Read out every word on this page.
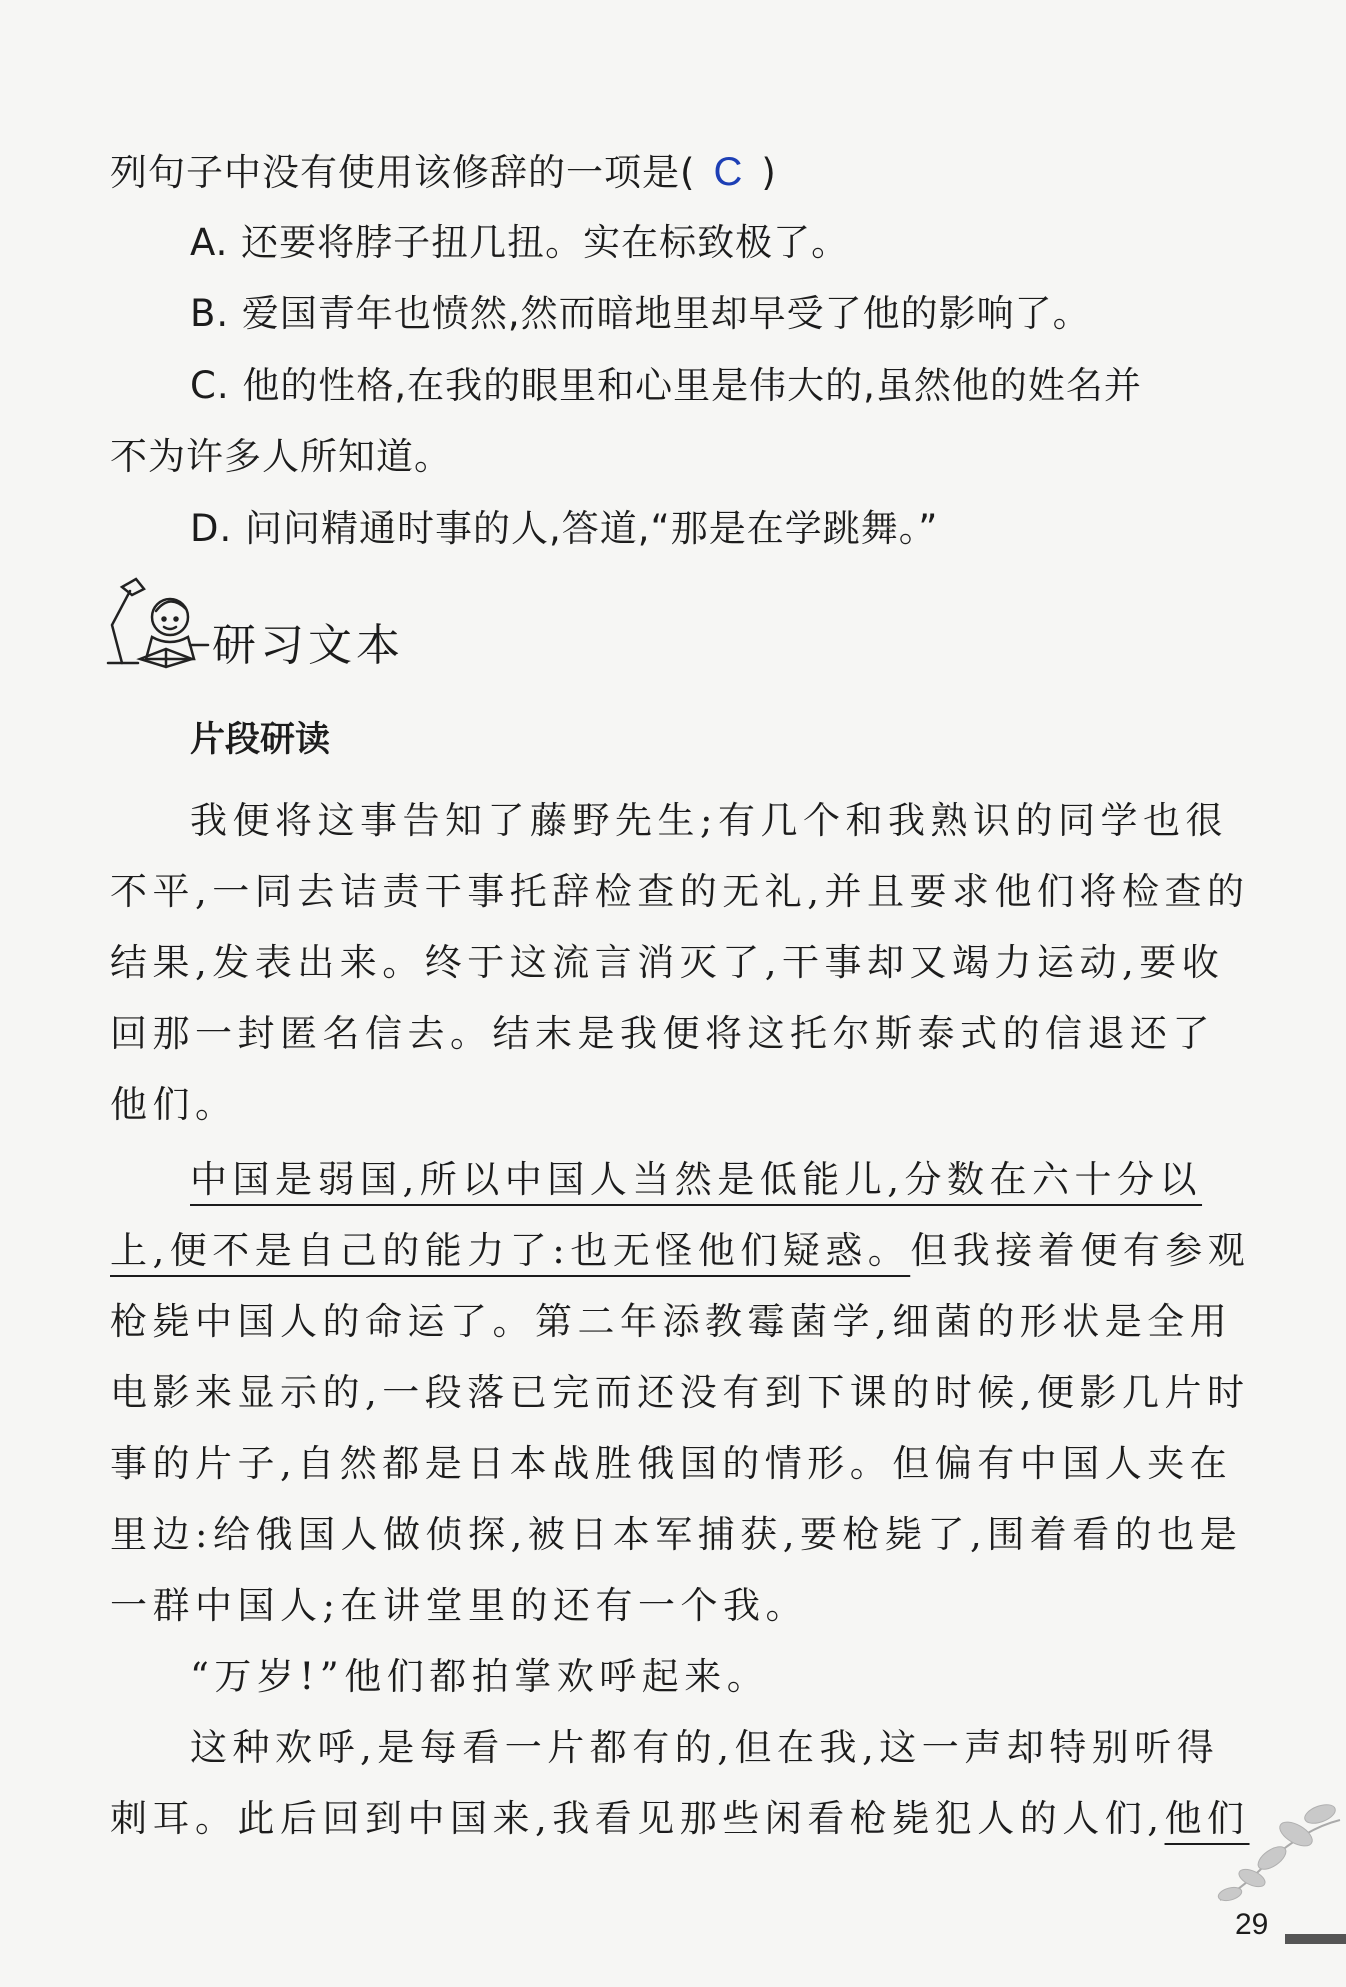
列句子中没有使用该修辞的一项是( C )
A. 还要将脖子扭几扭。实在标致极了。
B. 爱国青年也愤然,然而暗地里却早受了他的影响了。
C. 他的性格,在我的眼里和心里是伟大的,虽然他的姓名并
不为许多人所知道。
D. 问问精通时事的人,答道,“那是在学跳舞。”
研习文本
片段研读
我便将这事告知了藤野先生;有几个和我熟识的同学也很
不平,一同去诘责干事托辞检查的无礼,并且要求他们将检查的
结果,发表出来。终于这流言消灭了,干事却又竭力运动,要收
回那一封匿名信去。结末是我便将这托尔斯泰式的信退还了
他们。
中国是弱国,所以中国人当然是低能儿,分数在六十分以
上,便不是自己的能力了:也无怪他们疑惑。但我接着便有参观
枪毙中国人的命运了。第二年添教霉菌学,细菌的形状是全用
电影来显示的,一段落已完而还没有到下课的时候,便影几片时
事的片子,自然都是日本战胜俄国的情形。但偏有中国人夹在
里边:给俄国人做侦探,被日本军捕获,要枪毙了,围着看的也是
一群中国人;在讲堂里的还有一个我。
“万岁!”他们都拍掌欢呼起来。
这种欢呼,是每看一片都有的,但在我,这一声却特别听得
刺耳。此后回到中国来,我看见那些闲看枪毙犯人的人们,他们
29
